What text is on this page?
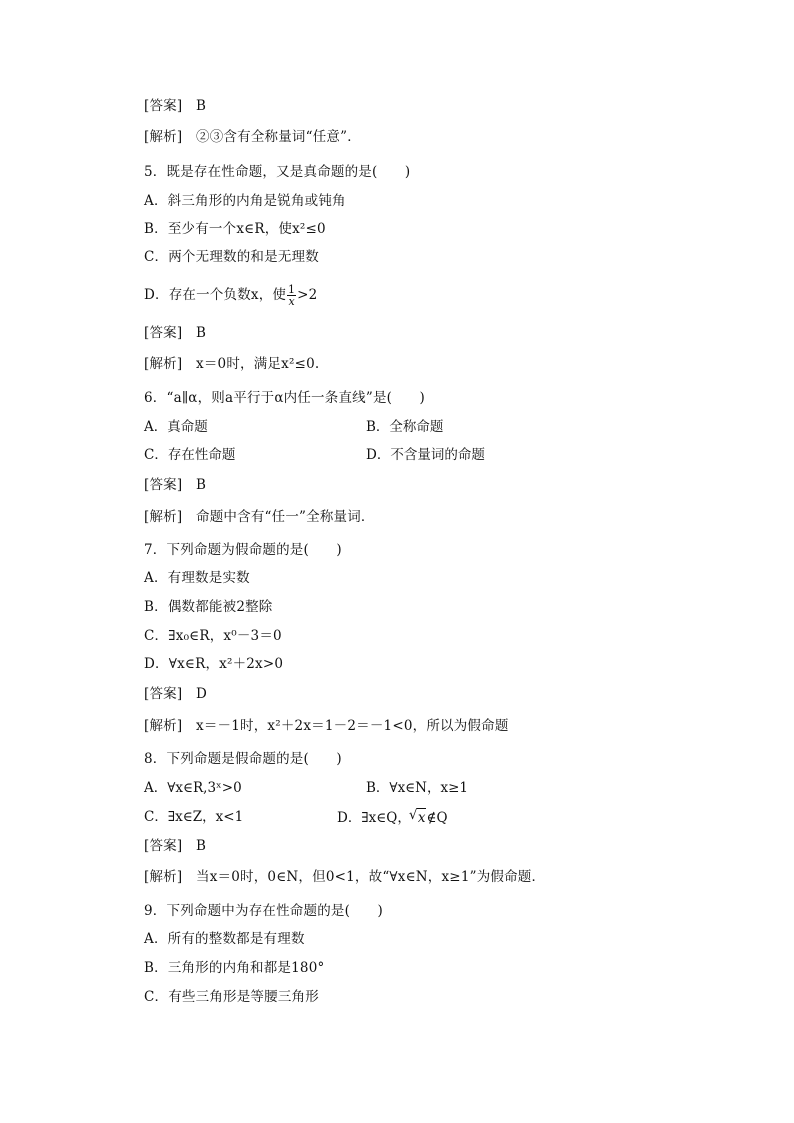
[答案]　B
[解析]　②③含有全称量词“任意”．
5．既是存在性命题，又是真命题的是(　　)
A．斜三角形的内角是锐角或钝角
B．至少有一个x∈R，使x²≤0
C．两个无理数的和是无理数
D．存在一个负数x，使 $\frac{1}{x} >2$
[答案]　B
[解析]　x＝0时，满足x²≤0.
6．“a∥α，则a平行于α内任一条直线”是(　　)
A．真命题	B．全称命题
C．存在性命题	D．不含量词的命题
[答案]　B
[解析]　命题中含有“任一”全称量词．
7．下列命题为假命题的是(　　)
A．有理数是实数
B．偶数都能被2整除
C．∃x₀∈R，x⁰－3＝0
D．∀x∈R，x²＋2x>0
[答案]　D
[解析]　x＝－1时，x²＋2x＝1－2＝－1<0，所以为假命题
8．下列命题是假命题的是(　　)
A．∀x∈R,3ˣ>0	B．∀x∈N，x≥1
C．∃x∈Z，x<1	D．∃x∈Q，√ x∉Q
[答案]　B
[解析]　当x＝0时，0∈N，但0<1，故“∀x∈N，x≥1”为假命题．
9．下列命题中为存在性命题的是(　　)
A．所有的整数都是有理数
B．三角形的内角和都是180°
C．有些三角形是等腰三角形
